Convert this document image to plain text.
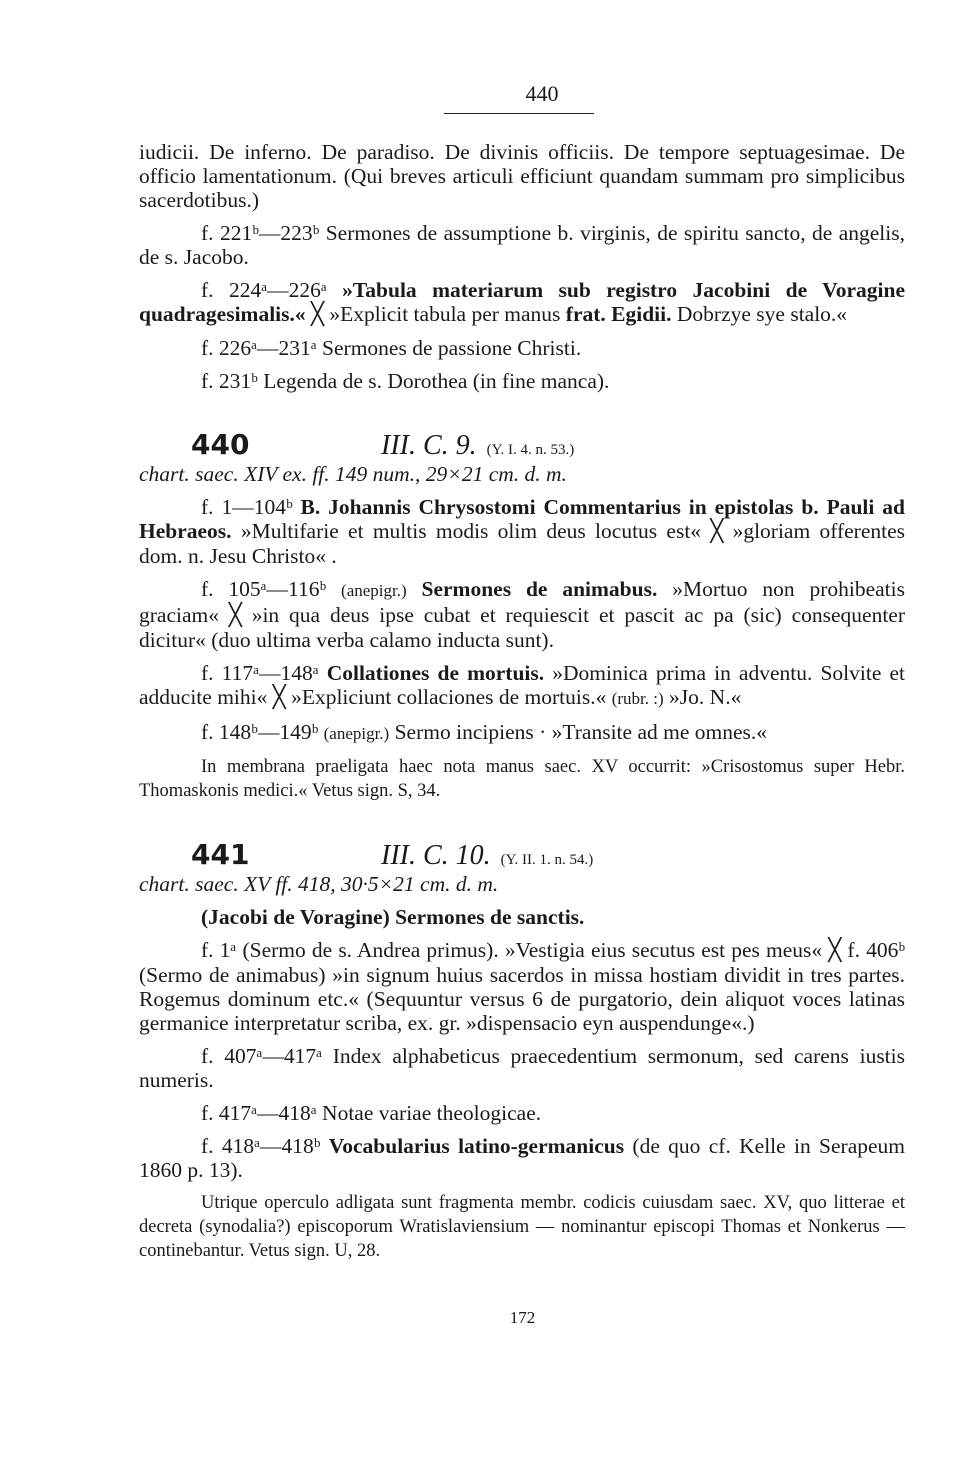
440

iudicii. De inferno. De paradiso. De divinis officiis. De tempore septuagesimae. De officio lamentationum. (Qui breves articuli efficiunt quandam summam pro simplicibus sacerdotibus.)

f. 221ᵇ—223ᵇ Sermones de assumptione b. virginis, de spiritu sancto, de angelis, de s. Jacobo.

f. 224ᵃ—226ᵃ »Tabula materiarum sub registro Jacobini de Voragine quadragesimalis.« ╳ »Explicit tabula per manus frat. Egidii. Dobrzye sye stalo.«

f. 226ᵃ—231ᵃ Sermones de passione Christi.

f. 231ᵇ Legenda de s. Dorothea (in fine manca).

440	III. C. 9. (Y. I. 4. n. 53.)

chart. saec. XIV ex. ff. 149 num., 29×21 cm. d. m.

f. 1—104ᵇ B. Johannis Chrysostomi Commentarius in epistolas b. Pauli ad Hebraeos. »Multifarie et multis modis olim deus locutus est« ╳ »gloriam offerentes dom. n. Jesu Christo« .

f. 105ᵃ—116ᵇ (anepigr.) Sermones de animabus. »Mortuo non prohibeatis graciam« ╳ »in qua deus ipse cubat et requiescit et pascit ac pa (sic) consequenter dicitur« (duo ultima verba calamo inducta sunt).

f. 117ᵃ—148ᵃ Collationes de mortuis. »Dominica prima in adventu. Solvite et adducite mihi« ╳ »Expliciunt collaciones de mortuis.« (rubr. :) »Jo. N.«

f. 148ᵇ—149ᵇ (anepigr.) Sermo incipiens · »Transite ad me omnes.«

In membrana praeligata haec nota manus saec. XV occurrit: »Crisostomus super Hebr. Thomaskonis medici.« Vetus sign. S, 34.

441	III. C. 10. (Y. II. 1. n. 54.)

chart. saec. XV ff. 418, 30·5×21 cm. d. m.

(Jacobi de Voragine) Sermones de sanctis.

f. 1ᵃ (Sermo de s. Andrea primus). »Vestigia eius secutus est pes meus« ╳ f. 406ᵇ (Sermo de animabus) »in signum huius sacerdos in missa hostiam dividit in tres partes. Rogemus dominum etc.« (Sequuntur versus 6 de purgatorio, dein aliquot voces latinas germanice interpretatur scriba, ex. gr. »dispensacio eyn auspendunge«.)

f. 407ᵃ—417ᵃ Index alphabeticus praecedentium sermonum, sed carens iustis numeris.

f. 417ᵃ—418ᵃ Notae variae theologicae.

f. 418ᵃ—418ᵇ Vocabularius latino-germanicus (de quo cf. Kelle in Serapeum 1860 p. 13).

Utrique operculo adligata sunt fragmenta membr. codicis cuiusdam saec. XV, quo litterae et decreta (synodalia?) episcoporum Wratislaviensium — nominantur episcopi Thomas et Nonkerus — continebantur. Vetus sign. U, 28.

172
